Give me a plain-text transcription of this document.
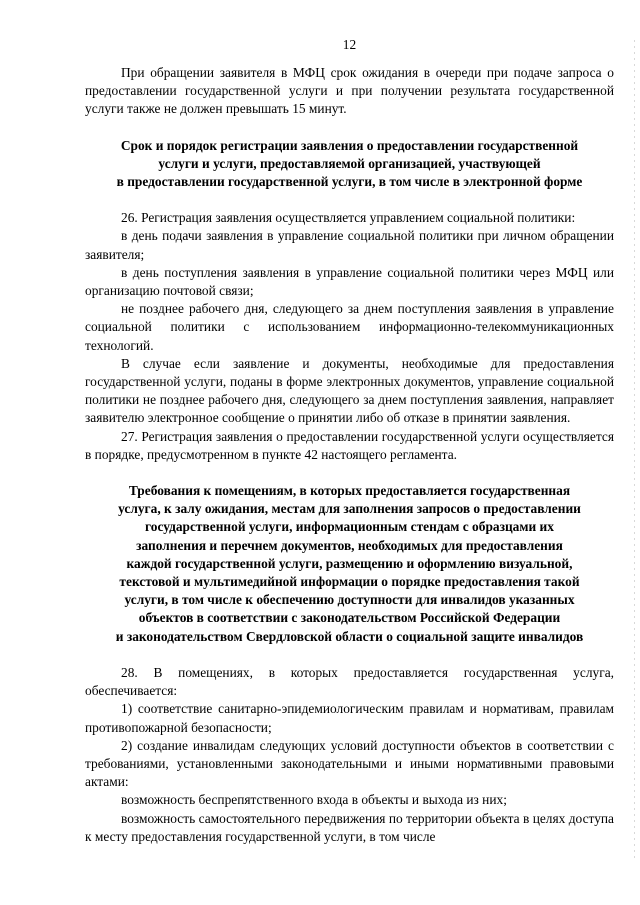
12

При обращении заявителя в МФЦ срок ожидания в очереди при подаче запроса о предоставлении государственной услуги и при получении результата государственной услуги также не должен превышать 15 минут.

Срок и порядок регистрации заявления о предоставлении государственной
услуги и услуги, предоставляемой организацией, участвующей
в предоставлении государственной услуги, в том числе в электронной форме

26. Регистрация заявления осуществляется управлением социальной политики:

в день подачи заявления в управление социальной политики при личном обращении заявителя;

в день поступления заявления в управление социальной политики через МФЦ или организацию почтовой связи;

не позднее рабочего дня, следующего за днем поступления заявления в управление социальной политики с использованием информационно-телекоммуникационных технологий.

В случае если заявление и документы, необходимые для предоставления государственной услуги, поданы в форме электронных документов, управление социальной политики не позднее рабочего дня, следующего за днем поступления заявления, направляет заявителю электронное сообщение о принятии либо об отказе в принятии заявления.

27. Регистрация заявления о предоставлении государственной услуги осуществляется в порядке, предусмотренном в пункте 42 настоящего регламента.

Требования к помещениям, в которых предоставляется государственная
услуга, к залу ожидания, местам для заполнения запросов о предоставлении
государственной услуги, информационным стендам с образцами их
заполнения и перечнем документов, необходимых для предоставления
каждой государственной услуги, размещению и оформлению визуальной,
текстовой и мультимедийной информации о порядке предоставления такой
услуги, в том числе к обеспечению доступности для инвалидов указанных
объектов в соответствии с законодательством Российской Федерации
и законодательством Свердловской области о социальной защите инвалидов

28. В помещениях, в которых предоставляется государственная услуга, обеспечивается:

1) соответствие санитарно-эпидемиологическим правилам и нормативам, правилам противопожарной безопасности;

2) создание инвалидам следующих условий доступности объектов в соответствии с требованиями, установленными законодательными и иными нормативными правовыми актами:

возможность беспрепятственного входа в объекты и выхода из них;

возможность самостоятельного передвижения по территории объекта в целях доступа к месту предоставления государственной услуги, в том числе
